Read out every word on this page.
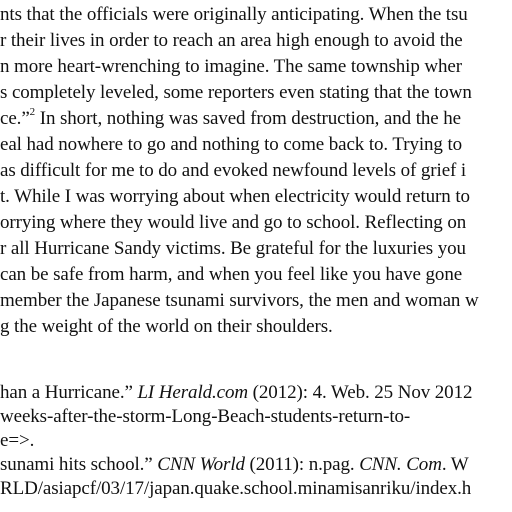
nts that the officials were originally anticipating. When the tsu
r their lives in order to reach an area high enough to avoid the
n more heart-wrenching to imagine. The same township wher
s completely leveled, some reporters even stating that the town
ce.”$^2$ In short, nothing was saved from destruction, and the he
eal had nowhere to go and nothing to come back to. Trying to
as difficult for me to do and evoked newfound levels of grief i
t. While I was worrying about when electricity would return to
orrying where they would live and go to school. Reflecting on
r all Hurricane Sandy victims. Be grateful for the luxuries you
can be safe from harm, and when you feel like you have gone
member the Japanese tsunami survivors, the men and woman w
g the weight of the world on their shoulders.
han a Hurricane.” LI Herald.com (2012): 4. Web. 25 Nov 2012
weeks-after-the-storm-Long-Beach-students-return-to-
e=>.
sunami hits school.” CNN World (2011): n.pag. CNN. Com. W
RLD/asiapcf/03/17/japan.quake.school.minamisanriku/index.h
